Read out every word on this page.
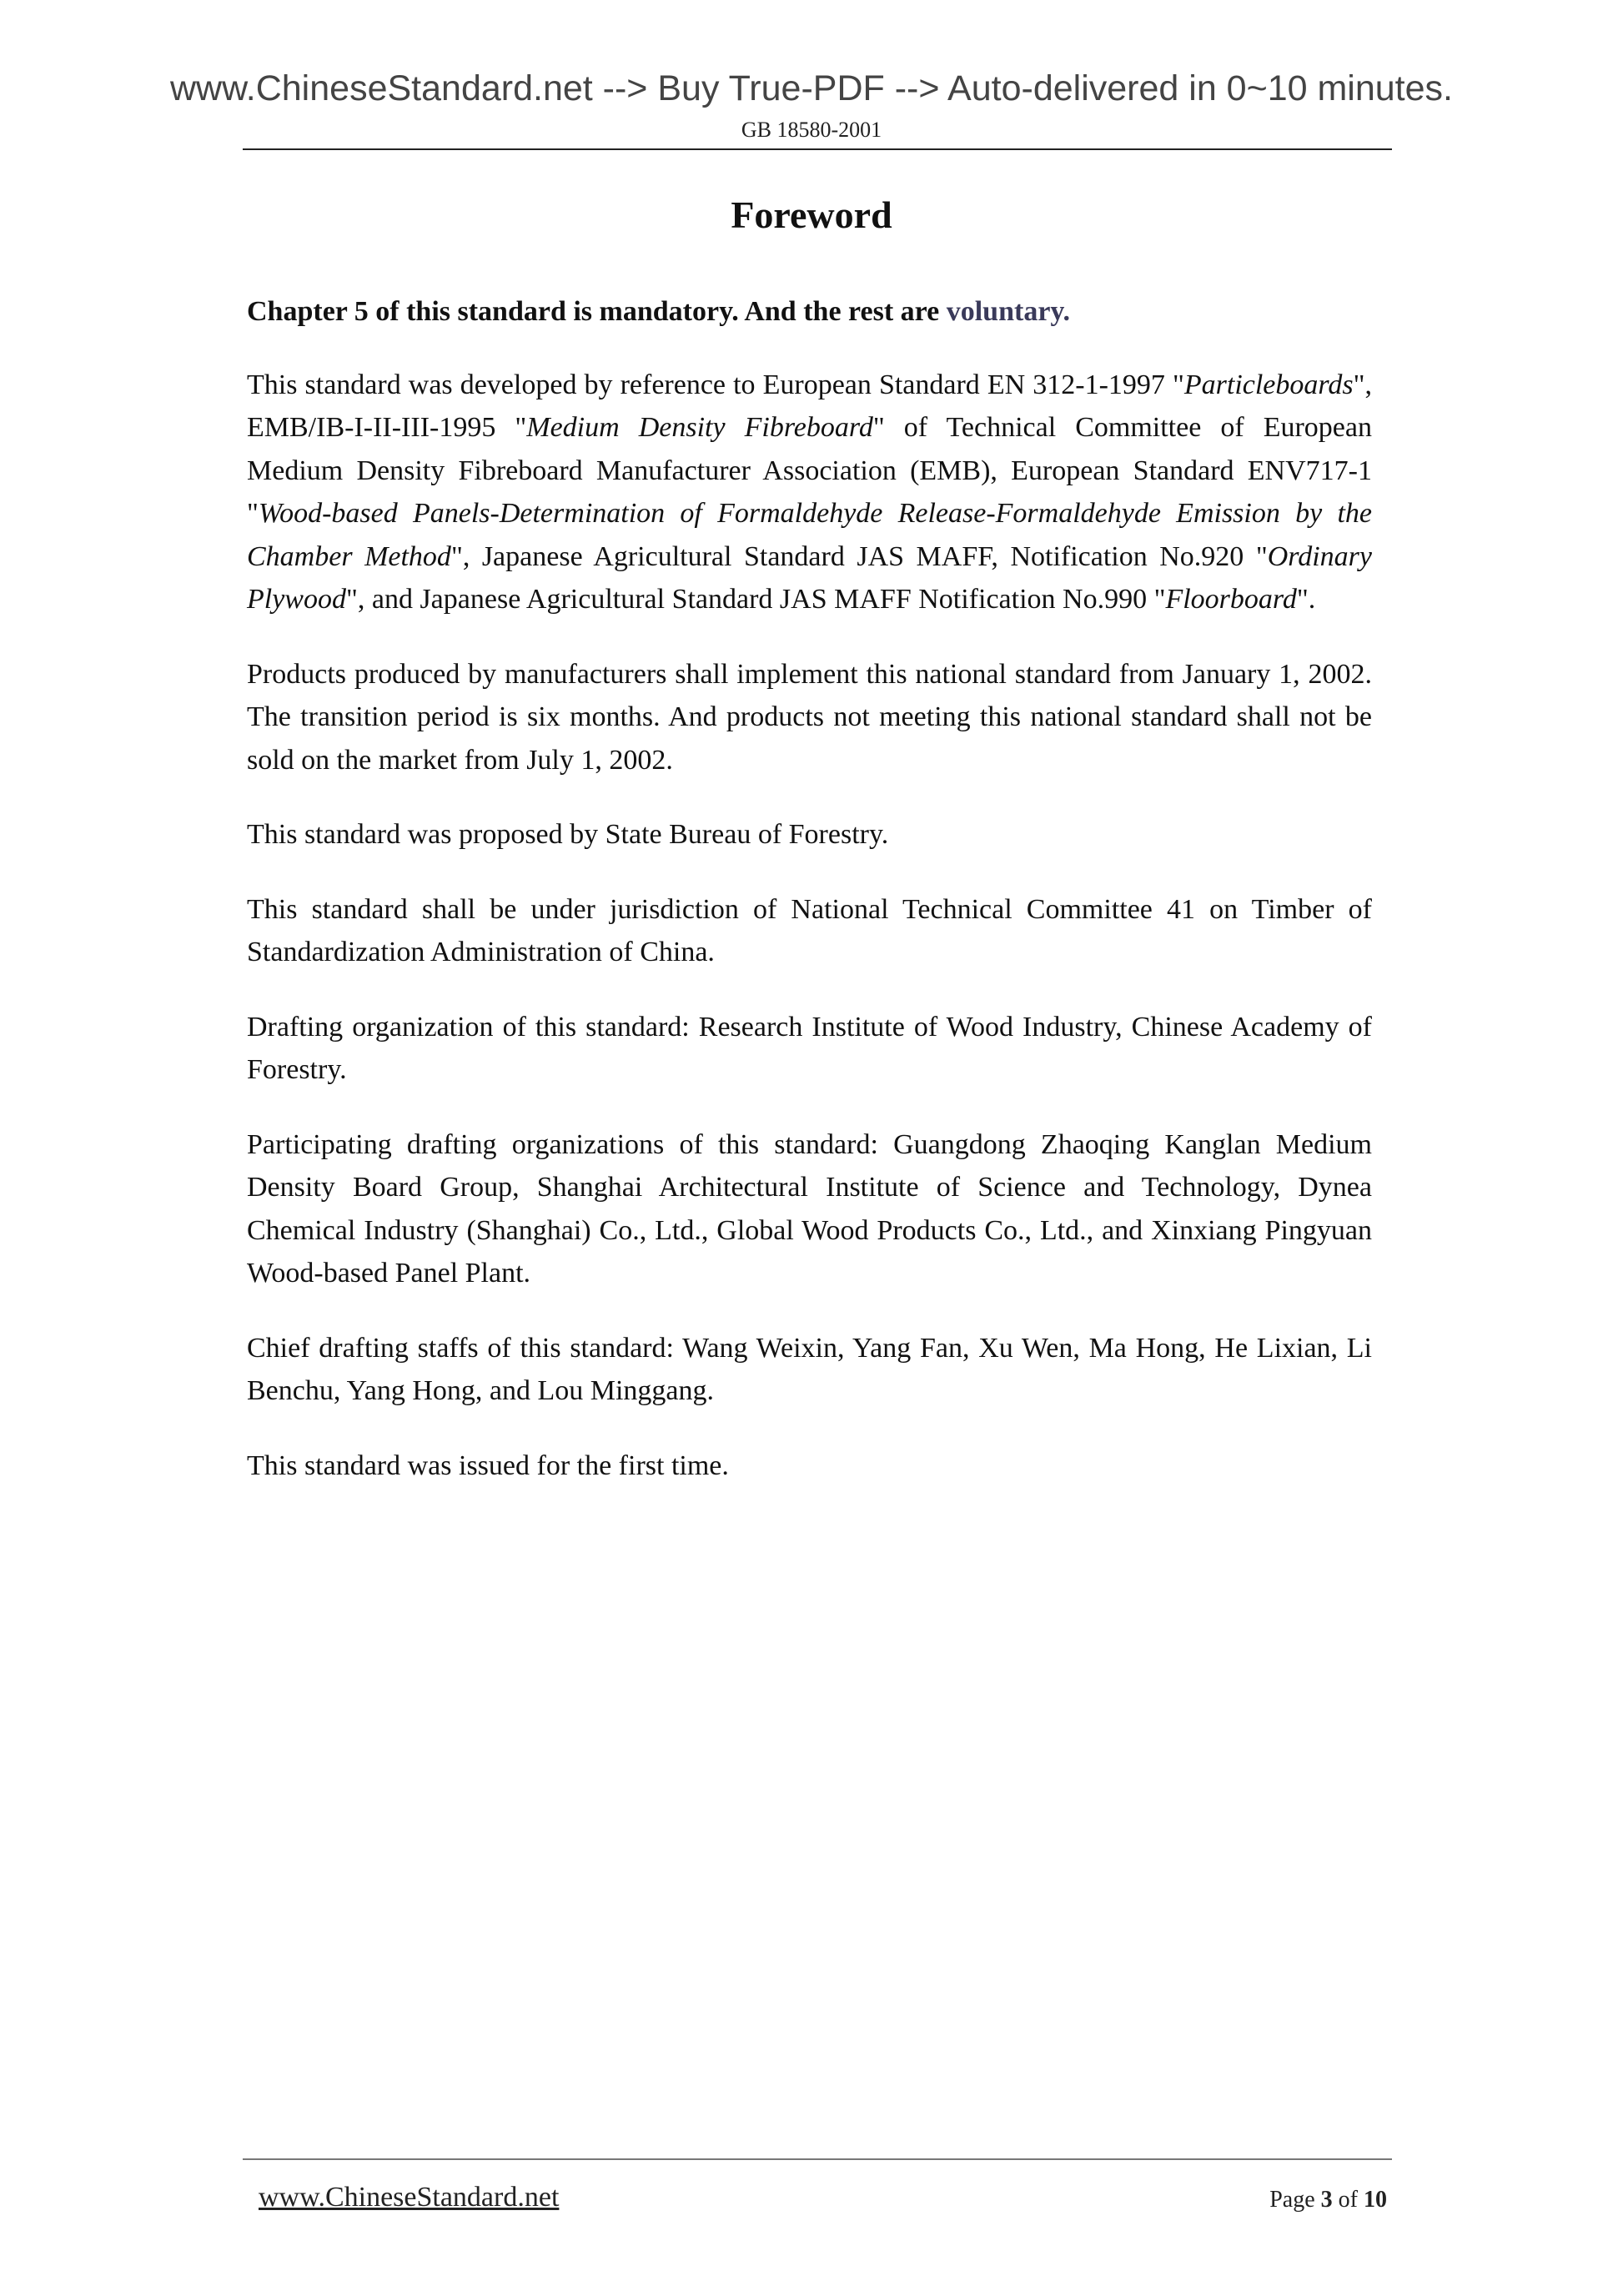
www.ChineseStandard.net --> Buy True-PDF --> Auto-delivered in 0~10 minutes.
GB 18580-2001
Foreword

Chapter 5 of this standard is mandatory. And the rest are voluntary.

This standard was developed by reference to European Standard EN 312-1-1997 "Particleboards", EMB/IB-I-II-III-1995 "Medium Density Fibreboard" of Technical Committee of European Medium Density Fibreboard Manufacturer Association (EMB), European Standard ENV717-1 "Wood-based Panels-Determination of Formaldehyde Release-Formaldehyde Emission by the Chamber Method", Japanese Agricultural Standard JAS MAFF, Notification No.920 "Ordinary Plywood", and Japanese Agricultural Standard JAS MAFF Notification No.990 "Floorboard".

Products produced by manufacturers shall implement this national standard from January 1, 2002. The transition period is six months. And products not meeting this national standard shall not be sold on the market from July 1, 2002.

This standard was proposed by State Bureau of Forestry.

This standard shall be under jurisdiction of National Technical Committee 41 on Timber of Standardization Administration of China.

Drafting organization of this standard: Research Institute of Wood Industry, Chinese Academy of Forestry.

Participating drafting organizations of this standard: Guangdong Zhaoqing Kanglan Medium Density Board Group, Shanghai Architectural Institute of Science and Technology, Dynea Chemical Industry (Shanghai) Co., Ltd., Global Wood Products Co., Ltd., and Xinxiang Pingyuan Wood-based Panel Plant.

Chief drafting staffs of this standard: Wang Weixin, Yang Fan, Xu Wen, Ma Hong, He Lixian, Li Benchu, Yang Hong, and Lou Minggang.

This standard was issued for the first time.

www.ChineseStandard.net	Page 3 of 10
